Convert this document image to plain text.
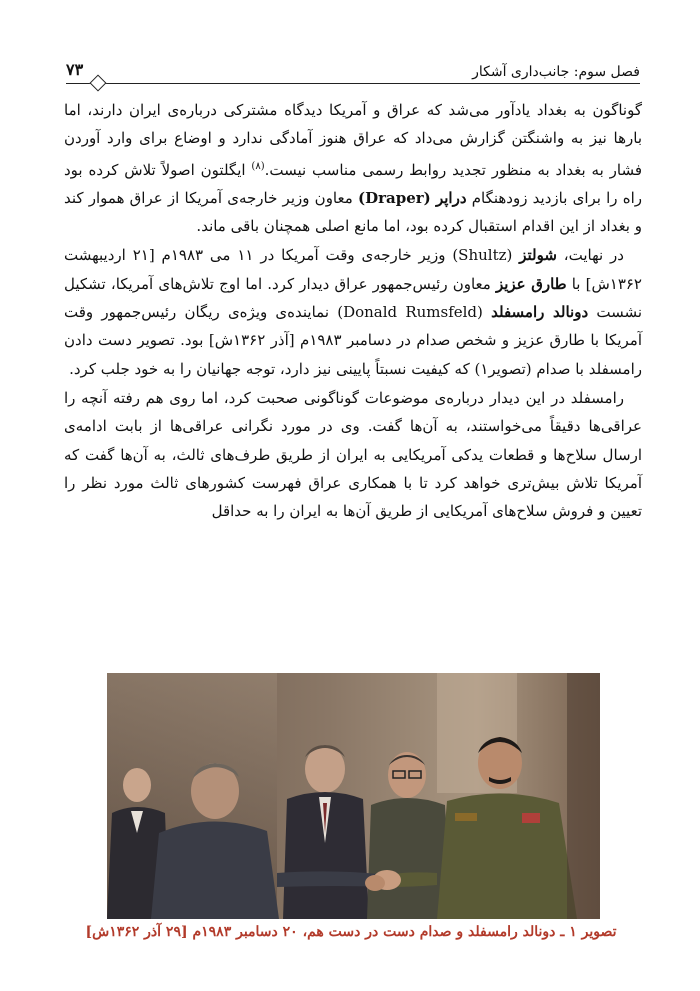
فصل سوم: جانب‌داری آشکار
۷۳

گوناگون به بغداد یادآور می‌شد که عراق و آمریکا دیدگاه مشترکی درباره‌ی ایران دارند، اما بارها نیز به واشنگتن گزارش می‌داد که عراق هنوز آمادگی ندارد و اوضاع برای وارد آوردن فشار به بغداد به منظور تجدید روابط رسمی مناسب نیست.$^{(۸)}$ ایگلتون اصولاً تلاش کرده بود راه را برای بازدید زودهنگام دراپر (Draper) معاون وزیر خارجه‌ی آمریکا از عراق هموار کند و بغداد از این اقدام استقبال کرده بود، اما مانع اصلی همچنان باقی ماند.

در نهایت، شولتز (Shultz) وزیر خارجه‌ی وقت آمریکا در ۱۱ می ۱۹۸۳م [۲۱ اردیبهشت ۱۳۶۲ش] با طارق عزیز معاون رئیس‌جمهور عراق دیدار کرد. اما اوج تلاش‌های آمریکا، تشکیل نشست دونالد رامسفلد (Donald Rumsfeld) نماینده‌ی ویژه‌ی ریگان رئیس‌جمهور وقت آمریکا با طارق عزیز و شخص صدام در دسامبر ۱۹۸۳م [آذر ۱۳۶۲ش] بود. تصویر دست دادن رامسفلد با صدام (تصویر۱) که کیفیت نسبتاً پایینی نیز دارد، توجه جهانیان را به خود جلب کرد.

رامسفلد در این دیدار درباره‌ی موضوعات گوناگونی صحبت کرد، اما روی هم رفته آنچه را عراقی‌ها دقیقاً می‌خواستند، به آن‌ها گفت. وی در مورد نگرانی عراقی‌ها از بابت ادامه‌ی ارسال سلاح‌ها و قطعات یدکی آمریکایی به ایران از طریق طرف‌های ثالث، به آن‌ها گفت که آمریکا تلاش بیش‌تری خواهد کرد تا با همکاری عراق فهرست کشورهای ثالث مورد نظر را تعیین و فروش سلاح‌های آمریکایی از طریق آن‌ها به ایران را به حداقل

تصویر ۱ ـ دونالد رامسفلد و صدام دست در دست هم، ۲۰ دسامبر ۱۹۸۳م [۲۹ آذر ۱۳۶۲ش]
